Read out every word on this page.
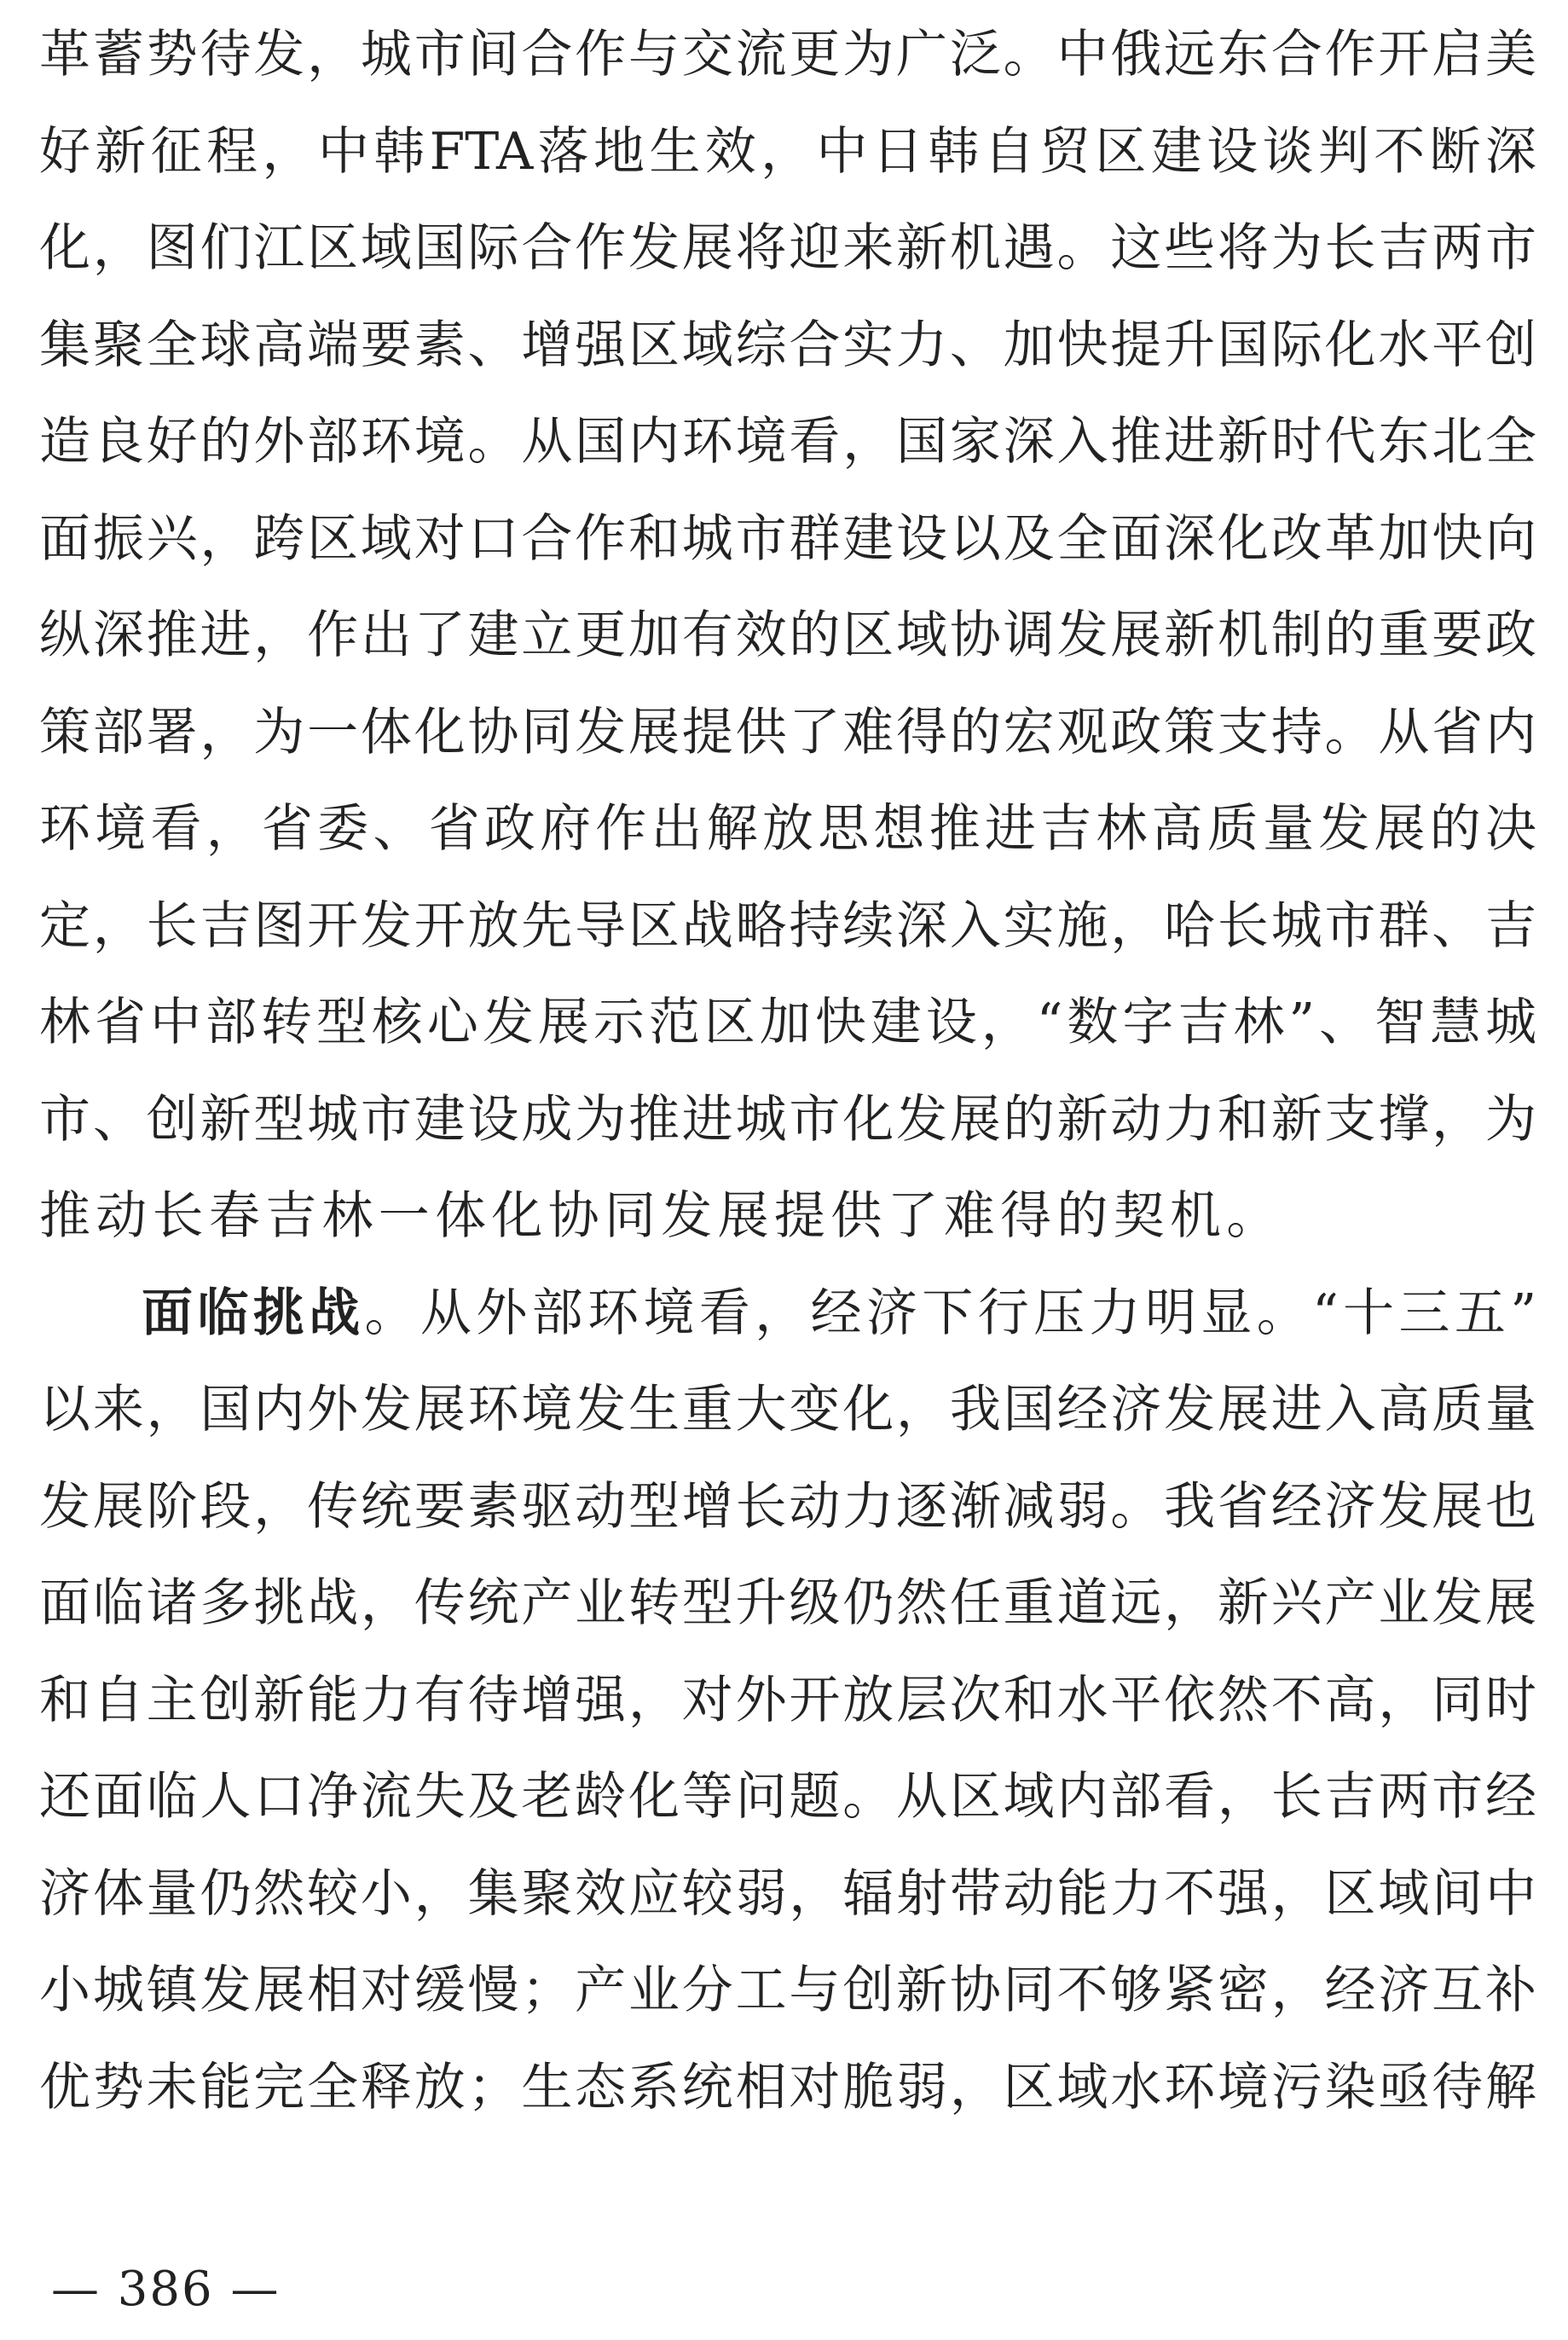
革蓄势待发，城市间合作与交流更为广泛。中俄远东合作开启美
好新征程，中韩FTA落地生效，中日韩自贸区建设谈判不断深
化，图们江区域国际合作发展将迎来新机遇。这些将为长吉两市
集聚全球高端要素、增强区域综合实力、加快提升国际化水平创
造良好的外部环境。从国内环境看，国家深入推进新时代东北全
面振兴，跨区域对口合作和城市群建设以及全面深化改革加快向
纵深推进，作出了建立更加有效的区域协调发展新机制的重要政
策部署，为一体化协同发展提供了难得的宏观政策支持。从省内
环境看，省委、省政府作出解放思想推进吉林高质量发展的决
定，长吉图开发开放先导区战略持续深入实施，哈长城市群、吉
林省中部转型核心发展示范区加快建设，“数字吉林”、智慧城
市、创新型城市建设成为推进城市化发展的新动力和新支撑，为
推动长春吉林一体化协同发展提供了难得的契机。
面临挑战。从外部环境看，经济下行压力明显。“十三五”
以来，国内外发展环境发生重大变化，我国经济发展进入高质量
发展阶段，传统要素驱动型增长动力逐渐减弱。我省经济发展也
面临诸多挑战，传统产业转型升级仍然任重道远，新兴产业发展
和自主创新能力有待增强，对外开放层次和水平依然不高，同时
还面临人口净流失及老龄化等问题。从区域内部看，长吉两市经
济体量仍然较小，集聚效应较弱，辐射带动能力不强，区域间中
小城镇发展相对缓慢；产业分工与创新协同不够紧密，经济互补
优势未能完全释放；生态系统相对脆弱，区域水环境污染亟待解
— 386 —
